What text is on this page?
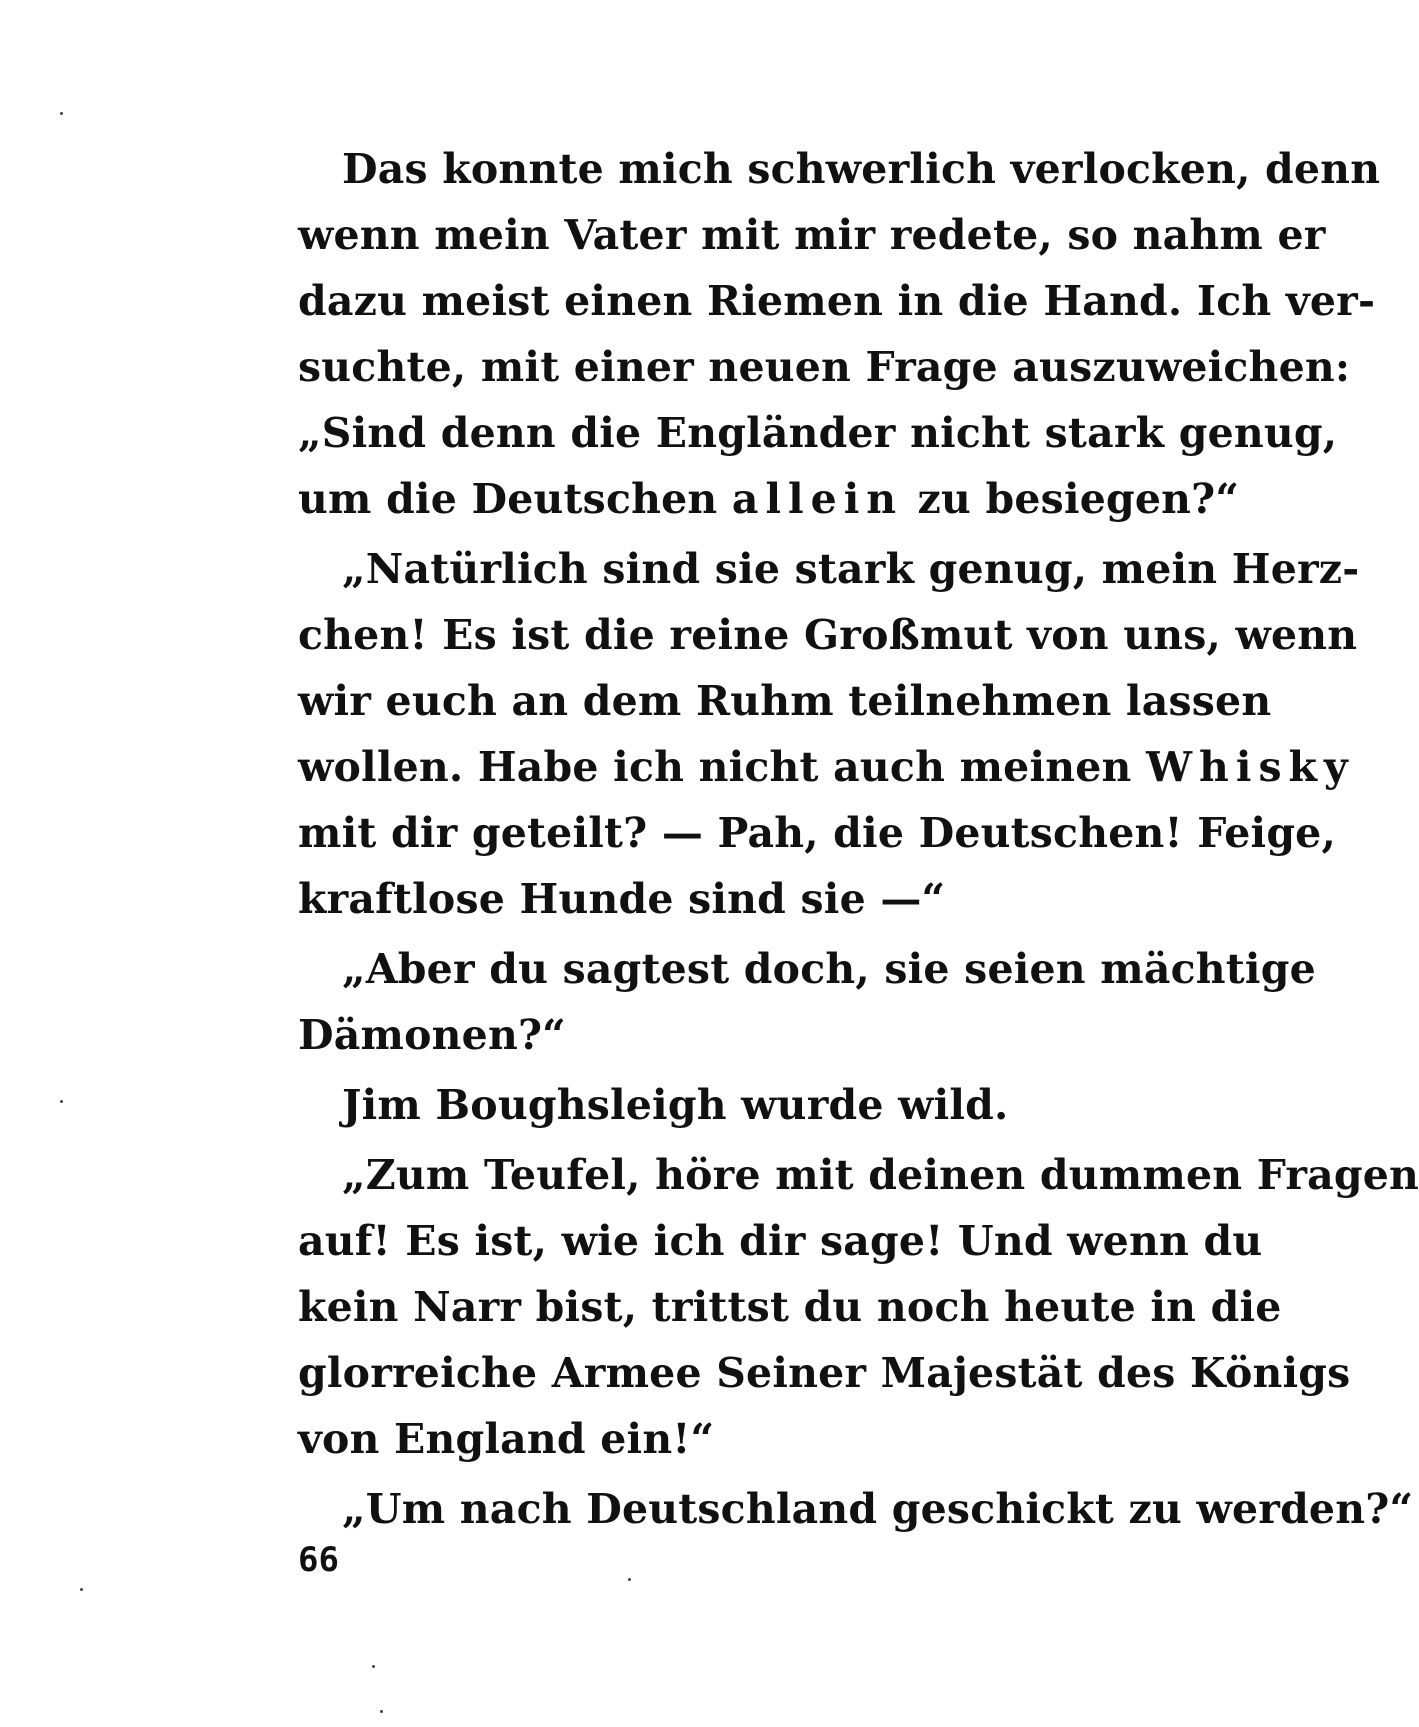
Das konnte mich schwerlich verlocken, denn
wenn mein Vater mit mir redete, so nahm er
dazu meist einen Riemen in die Hand. Ich ver-
suchte, mit einer neuen Frage auszuweichen:
„Sind denn die Engländer nicht stark genug,
um die Deutschen allein zu besiegen?“
„Natürlich sind sie stark genug, mein Herz-
chen! Es ist die reine Großmut von uns, wenn
wir euch an dem Ruhm teilnehmen lassen
wollen. Habe ich nicht auch meinen Whisky
mit dir geteilt? — Pah, die Deutschen! Feige,
kraftlose Hunde sind sie —“
„Aber du sagtest doch, sie seien mächtige
Dämonen?“
Jim Boughsleigh wurde wild.
„Zum Teufel, höre mit deinen dummen Fragen
auf! Es ist, wie ich dir sage! Und wenn du
kein Narr bist, trittst du noch heute in die
glorreiche Armee Seiner Majestät des Königs
von England ein!“
„Um nach Deutschland geschickt zu werden?“
66
